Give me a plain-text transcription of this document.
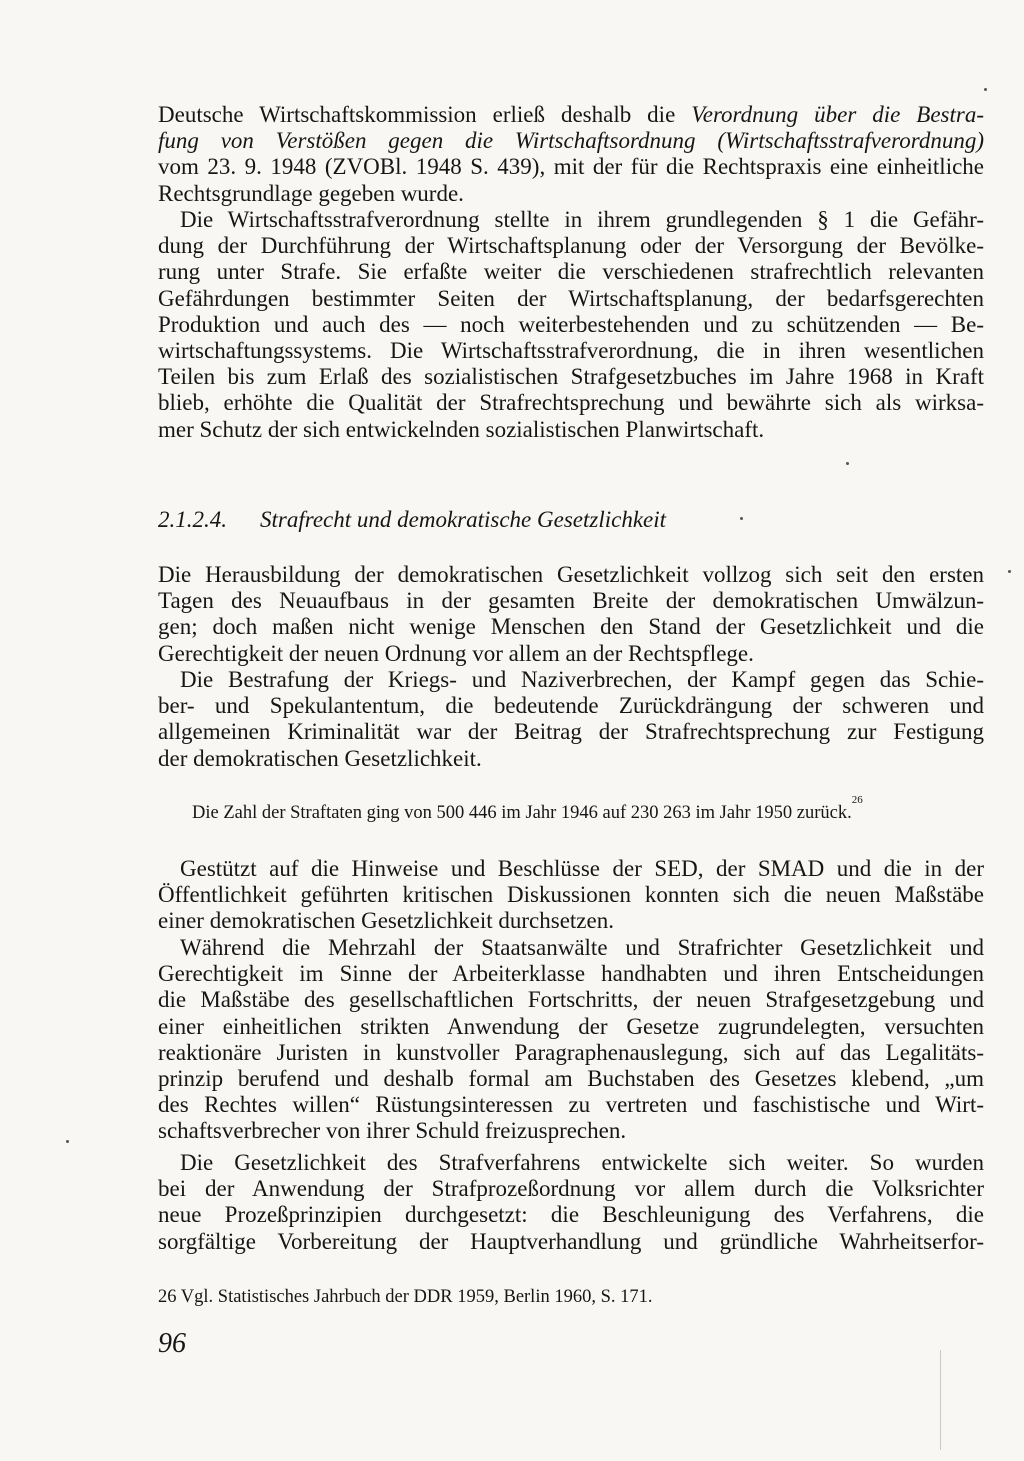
Deutsche Wirtschaftskommission erließ deshalb die Verordnung über die Bestra-
fung von Verstößen gegen die Wirtschaftsordnung (Wirtschaftsstrafverordnung)
vom 23. 9. 1948 (ZVOBl. 1948 S. 439), mit der für die Rechtspraxis eine einheitliche
Rechtsgrundlage gegeben wurde.
Die Wirtschaftsstrafverordnung stellte in ihrem grundlegenden § 1 die Gefähr-
dung der Durchführung der Wirtschaftsplanung oder der Versorgung der Bevölke-
rung unter Strafe. Sie erfaßte weiter die verschiedenen strafrechtlich relevanten
Gefährdungen bestimmter Seiten der Wirtschaftsplanung, der bedarfsgerechten
Produktion und auch des — noch weiterbestehenden und zu schützenden — Be-
wirtschaftungssystems. Die Wirtschaftsstrafverordnung, die in ihren wesentlichen
Teilen bis zum Erlaß des sozialistischen Strafgesetzbuches im Jahre 1968 in Kraft
blieb, erhöhte die Qualität der Strafrechtsprechung und bewährte sich als wirksa-
mer Schutz der sich entwickelnden sozialistischen Planwirtschaft.
2.1.2.4. Strafrecht und demokratische Gesetzlichkeit
Die Herausbildung der demokratischen Gesetzlichkeit vollzog sich seit den ersten
Tagen des Neuaufbaus in der gesamten Breite der demokratischen Umwälzun-
gen; doch maßen nicht wenige Menschen den Stand der Gesetzlichkeit und die
Gerechtigkeit der neuen Ordnung vor allem an der Rechtspflege.
Die Bestrafung der Kriegs- und Naziverbrechen, der Kampf gegen das Schie-
ber- und Spekulantentum, die bedeutende Zurückdrängung der schweren und
allgemeinen Kriminalität war der Beitrag der Strafrechtsprechung zur Festigung
der demokratischen Gesetzlichkeit.
Die Zahl der Straftaten ging von 500 446 im Jahr 1946 auf 230 263 im Jahr 1950 zurück.$^{26}$
Gestützt auf die Hinweise und Beschlüsse der SED, der SMAD und die in der
Öffentlichkeit geführten kritischen Diskussionen konnten sich die neuen Maßstäbe
einer demokratischen Gesetzlichkeit durchsetzen.
Während die Mehrzahl der Staatsanwälte und Strafrichter Gesetzlichkeit und
Gerechtigkeit im Sinne der Arbeiterklasse handhabten und ihren Entscheidungen
die Maßstäbe des gesellschaftlichen Fortschritts, der neuen Strafgesetzgebung und
einer einheitlichen strikten Anwendung der Gesetze zugrundelegten, versuchten
reaktionäre Juristen in kunstvoller Paragraphenauslegung, sich auf das Legalitäts-
prinzip berufend und deshalb formal am Buchstaben des Gesetzes klebend, „um
des Rechtes willen“ Rüstungsinteressen zu vertreten und faschistische und Wirt-
schaftsverbrecher von ihrer Schuld freizusprechen.
Die Gesetzlichkeit des Strafverfahrens entwickelte sich weiter. So wurden
bei der Anwendung der Strafprozeßordnung vor allem durch die Volksrichter
neue Prozeßprinzipien durchgesetzt: die Beschleunigung des Verfahrens, die
sorgfältige Vorbereitung der Hauptverhandlung und gründliche Wahrheitserfor-
26 Vgl. Statistisches Jahrbuch der DDR 1959, Berlin 1960, S. 171.
96
